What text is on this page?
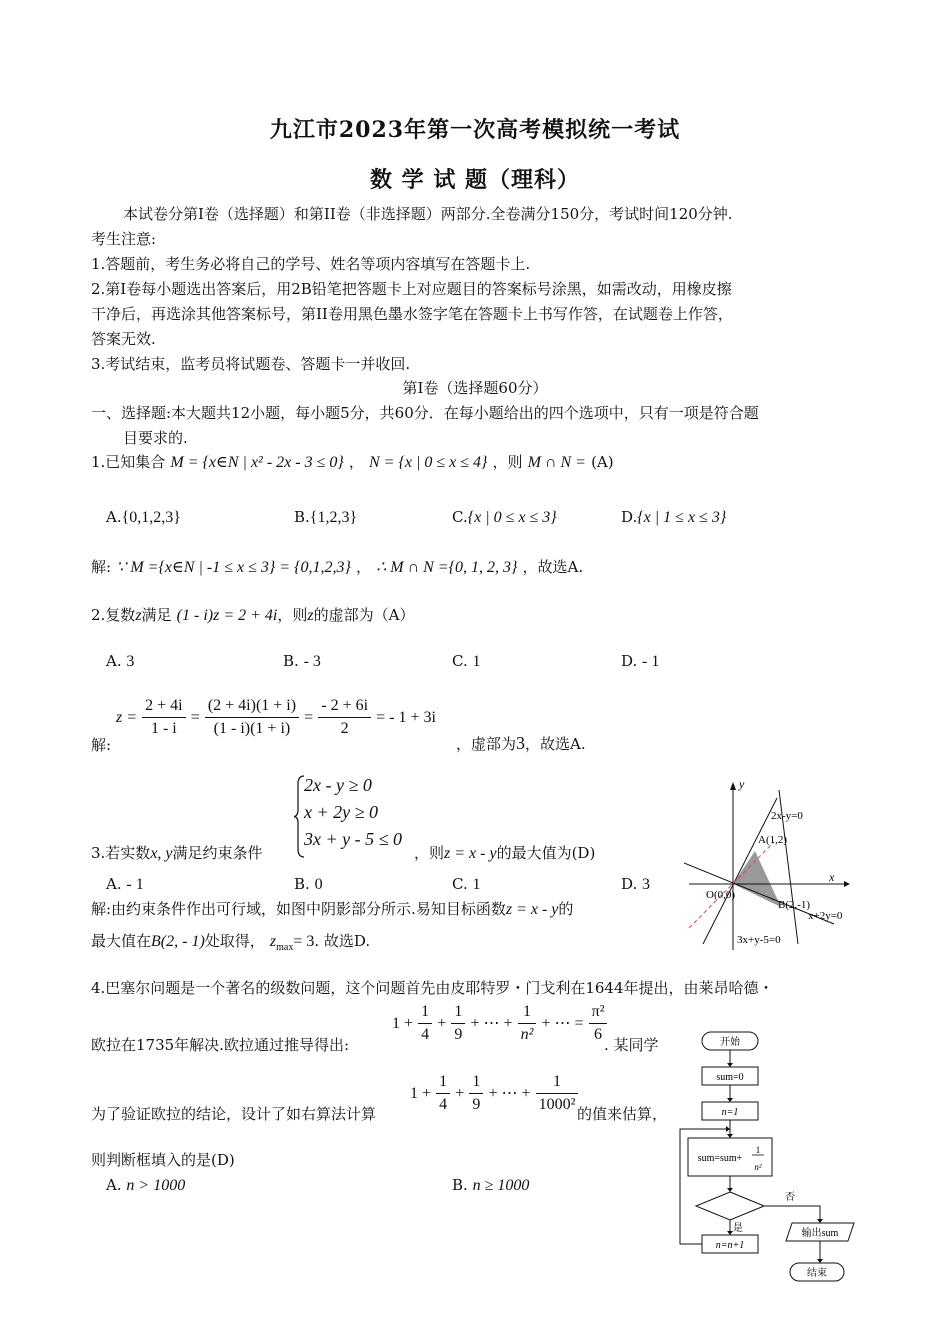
九江市2023年第一次高考模拟统一考试
数 学 试 题（理科）
本试卷分第I卷（选择题）和第II卷（非选择题）两部分.全卷满分150分，考试时间120分钟.
考生注意:
1.答题前，考生务必将自己的学号、姓名等项内容填写在答题卡上.
2.第I卷每小题选出答案后，用2B铅笔把答题卡上对应题目的答案标号涂黑，如需改动，用橡皮擦
干净后，再选涂其他答案标号，第II卷用黑色墨水签字笔在答题卡上书写作答，在试题卷上作答，
答案无效.
3.考试结束，监考员将试题卷、答题卡一并收回.
第I卷（选择题60分）
一、选择题:本大题共12小题，每小题5分，共60分．在每小题给出的四个选项中，只有一项是符合题
目要求的.
1.已知集合 M = {x∈N | x² - 2x - 3 ≤ 0} ， N = {x | 0 ≤ x ≤ 4} ，则 M ∩ N = (A)
A.{0,1,2,3}	B.{1,2,3}	C.{x | 0 ≤ x ≤ 3}	D.{x | 1 ≤ x ≤ 3}
解: ∵ M ={x∈N | -1 ≤ x ≤ 3} = {0,1,2,3} ， ∴ M ∩ N ={0, 1, 2, 3} ，故选A.
2.复数z满足 (1 - i)z = 2 + 4i，则z的虚部为（A）
A. 3	B. - 3	C. 1	D. - 1
解:
$z = \frac{2 + 4i}{1 - i} = \frac{(2 + 4i)(1 + i)}{(1 - i)(1 + i)} = \frac{- 2 + 6i}{2}$ = - 1 + 3i
，虚部为3，故选A.
2x - y ≥ 0
x + 2y ≥ 0
3x + y - 5 ≤ 0
3.若实数x, y满足约束条件	，则z = x - y的最大值为(D)
A. - 1	B. 0	C. 1	D. 3
解:由约束条件作出可行域，如图中阴影部分所示.易知目标函数z = x - y的
最大值在B(2, - 1)处取得， $z_{max}= 3$. 故选D.
y
x
O(0,0)
2x-y=0
A(1,2)
B(2,-1)
x+2y=0
3x+y-5=0
4.巴塞尔问题是一个著名的级数问题，这个问题首先由皮耶特罗・门戈利在1644年提出，由莱昂哈德・
欧拉在1735年解决.欧拉通过推导得出:
$1 + \frac{1}{4} + \frac{1}{9}$ + ⋯ + $\frac{1}{\text{n²}}$ + ⋯ = $\frac{\text{π²}}{6}$
. 某同学
为了验证欧拉的结论，设计了如右算法计算
$1 + \frac{1}{4} + \frac{1}{9}$ + ⋯ + $\frac{1}{\text{1000²}}$
的值来估算，
则判断框填入的是(D)
A. n > 1000	B. n ≥ 1000
开始
sum=0
n=1
sum=sum+
1
n²
否
是
n=n+1
输出sum
结束
